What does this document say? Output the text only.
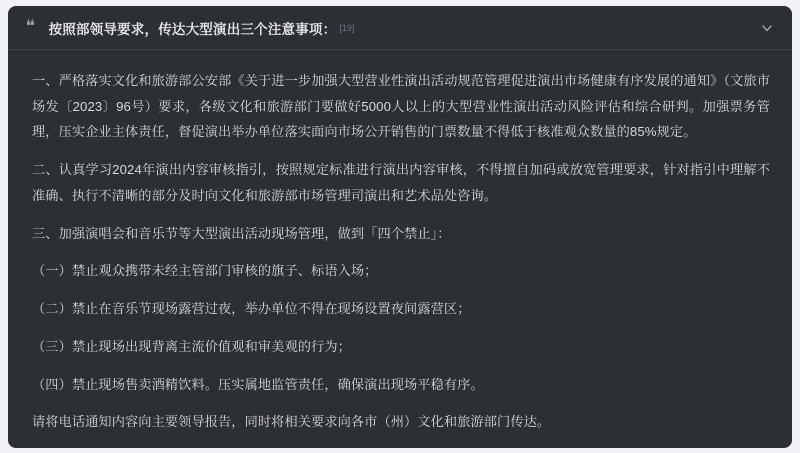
❝ 按照部领导要求，传达大型演出三个注意事项： [19]

一、严格落实文化和旅游部公安部《关于进一步加强大型营业性演出活动规范管理促进演出市场健康有序发展的通知》（文旅市场发〔2023〕96号）要求，各级文化和旅游部门要做好5000人以上的大型营业性演出活动风险评估和综合研判。加强票务管理，压实企业主体责任，督促演出举办单位落实面向市场公开销售的门票数量不得低于核准观众数量的85%规定。

二、认真学习2024年演出内容审核指引，按照规定标准进行演出内容审核，不得擅自加码或放宽管理要求，针对指引中理解不准确、执行不清晰的部分及时向文化和旅游部市场管理司演出和艺术品处咨询。

三、加强演唱会和音乐节等大型演出活动现场管理，做到「四个禁止」：

（一）禁止观众携带未经主管部门审核的旗子、标语入场；

（二）禁止在音乐节现场露营过夜，举办单位不得在现场设置夜间露营区；

（三）禁止现场出现背离主流价值观和审美观的行为；

（四）禁止现场售卖酒精饮料。压实属地监管责任，确保演出现场平稳有序。

请将电话通知内容向主要领导报告，同时将相关要求向各市（州）文化和旅游部门传达。
